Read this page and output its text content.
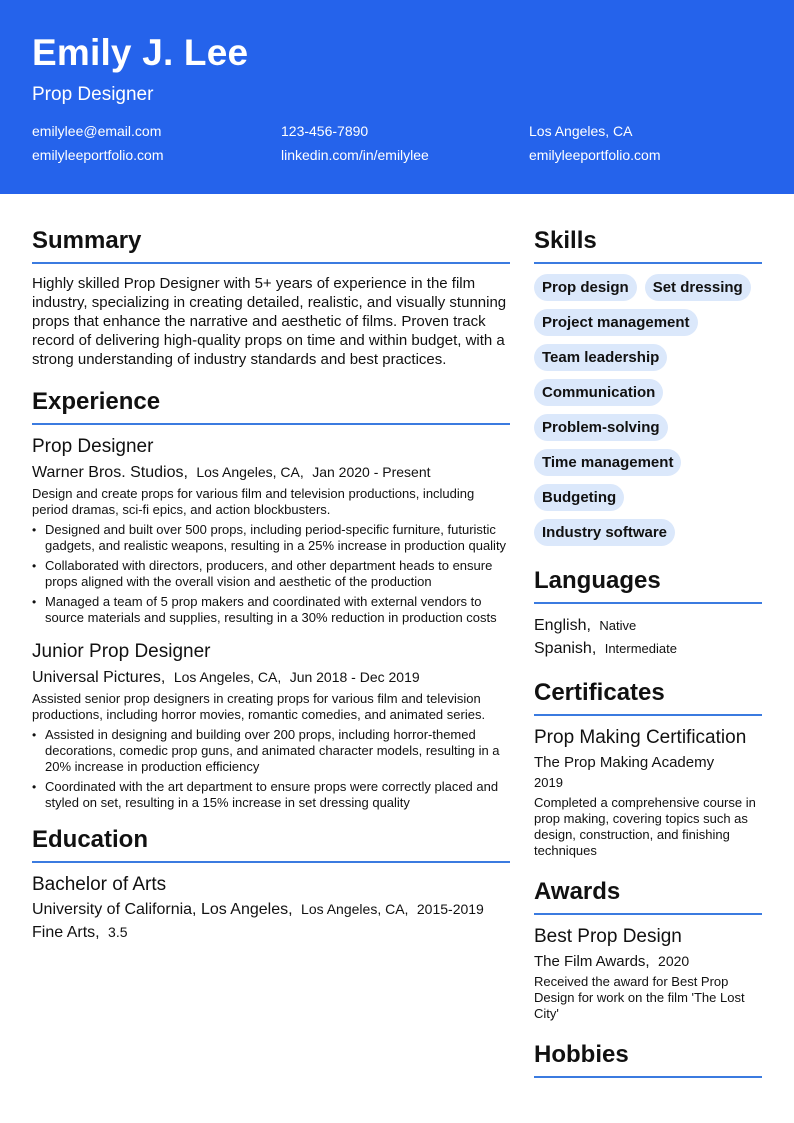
Emily J. Lee
Prop Designer
emilylee@email.com	123-456-7890	Los Angeles, CA
emilyleeportfolio.com	linkedin.com/in/emilylee	emilyleeportfolio.com
Summary

Highly skilled Prop Designer with 5+ years of experience in the film industry, specializing in creating detailed, realistic, and visually stunning props that enhance the narrative and aesthetic of films. Proven track record of delivering high-quality props on time and within budget, with a strong understanding of industry standards and best practices.

Experience
Prop Designer
Warner Bros. Studios, Los Angeles, CA, Jan 2020 - Present

Design and create props for various film and television productions, including period dramas, sci-fi epics, and action blockbusters.

• Designed and built over 500 props, including period-specific furniture, futuristic gadgets, and realistic weapons, resulting in a 25% increase in production quality
• Collaborated with directors, producers, and other department heads to ensure props aligned with the overall vision and aesthetic of the production
• Managed a team of 5 prop makers and coordinated with external vendors to source materials and supplies, resulting in a 30% reduction in production costs
Junior Prop Designer
Universal Pictures, Los Angeles, CA, Jun 2018 - Dec 2019

Assisted senior prop designers in creating props for various film and television productions, including horror movies, romantic comedies, and animated series.

• Assisted in designing and building over 200 props, including horror-themed decorations, comedic prop guns, and animated character models, resulting in a 20% increase in production efficiency
• Coordinated with the art department to ensure props were correctly placed and styled on set, resulting in a 15% increase in set dressing quality
Education
Bachelor of Arts
University of California, Los Angeles, Los Angeles, CA, 2015-2019
Fine Arts, 3.5
Skills
Prop design	Set dressing
Project management
Team leadership
Communication
Problem-solving
Time management
Budgeting
Industry software
Languages
English, Native
Spanish, Intermediate
Certificates
Prop Making Certification
The Prop Making Academy
2019

Completed a comprehensive course in prop making, covering topics such as design, construction, and finishing techniques

Awards
Best Prop Design
The Film Awards, 2020

Received the award for Best Prop Design for work on the film 'The Lost City'

Hobbies
